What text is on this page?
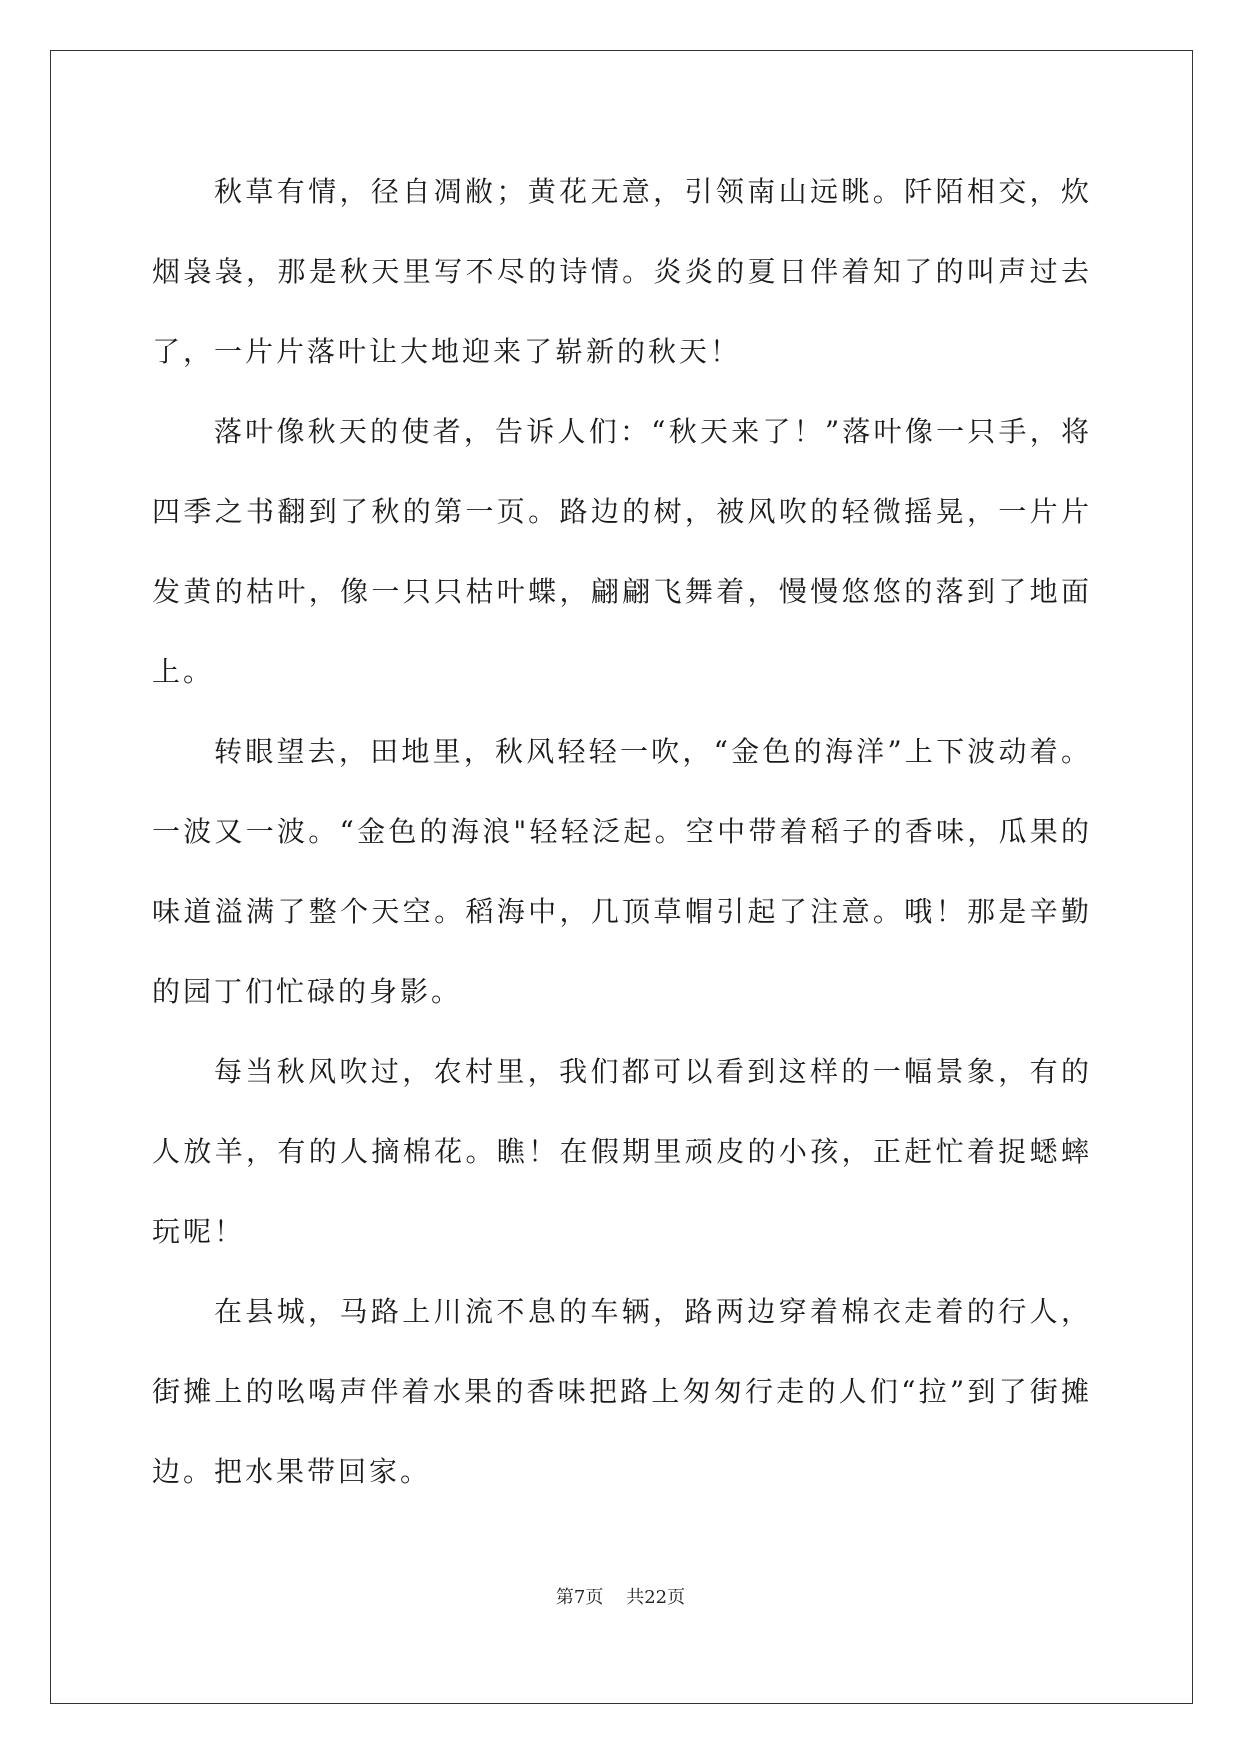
秋草有情，径自凋敝；黄花无意，引领南山远眺。阡陌相交，炊烟袅袅，那是秋天里写不尽的诗情。炎炎的夏日伴着知了的叫声过去了，一片片落叶让大地迎来了崭新的秋天！

落叶像秋天的使者，告诉人们：“秋天来了！”落叶像一只手，将四季之书翻到了秋的第一页。路边的树，被风吹的轻微摇晃，一片片发黄的枯叶，像一只只枯叶蝶，翩翩飞舞着，慢慢悠悠的落到了地面上。

转眼望去，田地里，秋风轻轻一吹，“金色的海洋”上下波动着。一波又一波。“金色的海浪"轻轻泛起。空中带着稻子的香味，瓜果的味道溢满了整个天空。稻海中，几顶草帽引起了注意。哦！那是辛勤的园丁们忙碌的身影。

每当秋风吹过，农村里，我们都可以看到这样的一幅景象，有的人放羊，有的人摘棉花。瞧！在假期里顽皮的小孩，正赶忙着捉蟋蟀玩呢！

在县城，马路上川流不息的车辆，路两边穿着棉衣走着的行人，街摊上的吆喝声伴着水果的香味把路上匆匆行走的人们“拉”到了街摊边。把水果带回家。

第7页 共22页
